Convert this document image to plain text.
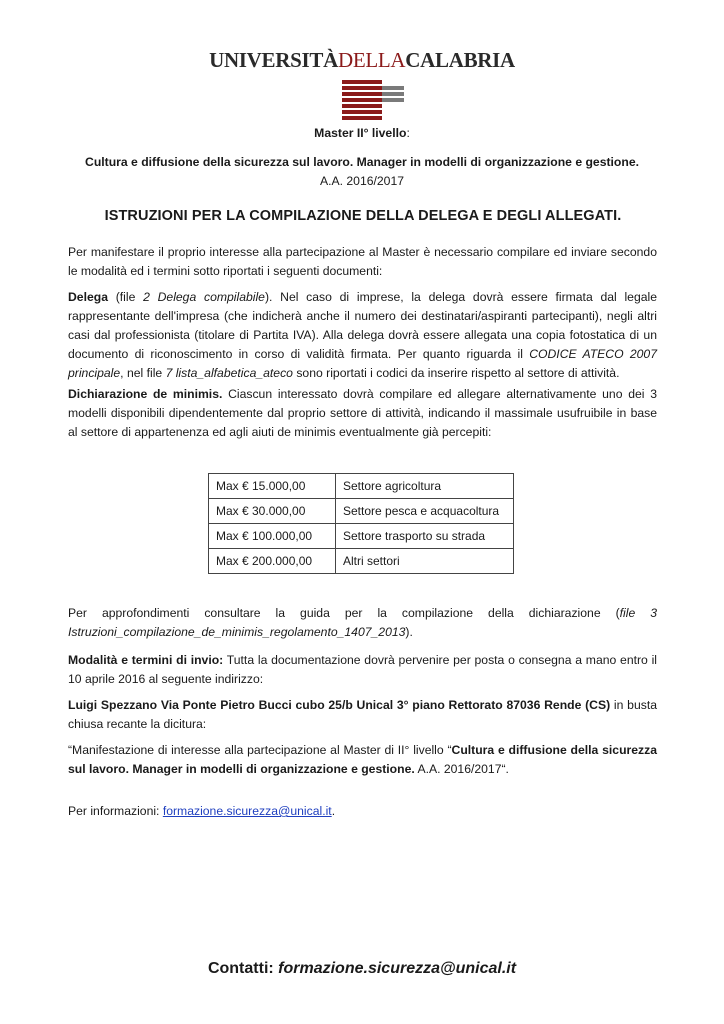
UNIVERSITÀDELLACALABRIA
Master II° livello:
Cultura e diffusione della sicurezza sul lavoro. Manager in modelli di organizzazione e gestione.
A.A. 2016/2017
ISTRUZIONI PER LA COMPILAZIONE DELLA DELEGA E DEGLI ALLEGATI.
Per manifestare il proprio interesse alla partecipazione al Master è necessario compilare ed inviare secondo le modalità ed i termini sotto riportati i seguenti documenti:
Delega (file 2 Delega compilabile). Nel caso di imprese, la delega dovrà essere firmata dal legale rappresentante dell'impresa (che indicherà anche il numero dei destinatari/aspiranti partecipanti), negli altri casi dal professionista (titolare di Partita IVA). Alla delega dovrà essere allegata una copia fotostatica di un documento di riconoscimento in corso di validità firmata. Per quanto riguarda il CODICE ATECO 2007 principale, nel file 7 lista_alfabetica_ateco sono riportati i codici da inserire rispetto al settore di attività.
Dichiarazione de minimis. Ciascun interessato dovrà compilare ed allegare alternativamente uno dei 3 modelli disponibili dipendentemente dal proprio settore di attività, indicando il massimale usufruibile in base al settore di appartenenza ed agli aiuti de minimis eventualmente già percepiti:
Max € 15.000,00	Settore agricoltura
Max € 30.000,00	Settore pesca e acquacoltura
Max € 100.000,00	Settore trasporto su strada
Max € 200.000,00	Altri settori
Per approfondimenti consultare la guida per la compilazione della dichiarazione (file 3 Istruzioni_compilazione_de_minimis_regolamento_1407_2013).
Modalità e termini di invio: Tutta la documentazione dovrà pervenire per posta o consegna a mano entro il 10 aprile 2016 al seguente indirizzo:
Luigi Spezzano Via Ponte Pietro Bucci cubo 25/b Unical 3° piano Rettorato 87036 Rende (CS) in busta chiusa recante la dicitura:
“Manifestazione di interesse alla partecipazione al Master di II° livello “Cultura e diffusione della sicurezza sul lavoro. Manager in modelli di organizzazione e gestione. A.A. 2016/2017“.
Per informazioni: formazione.sicurezza@unical.it.
Contatti: formazione.sicurezza@unical.it
